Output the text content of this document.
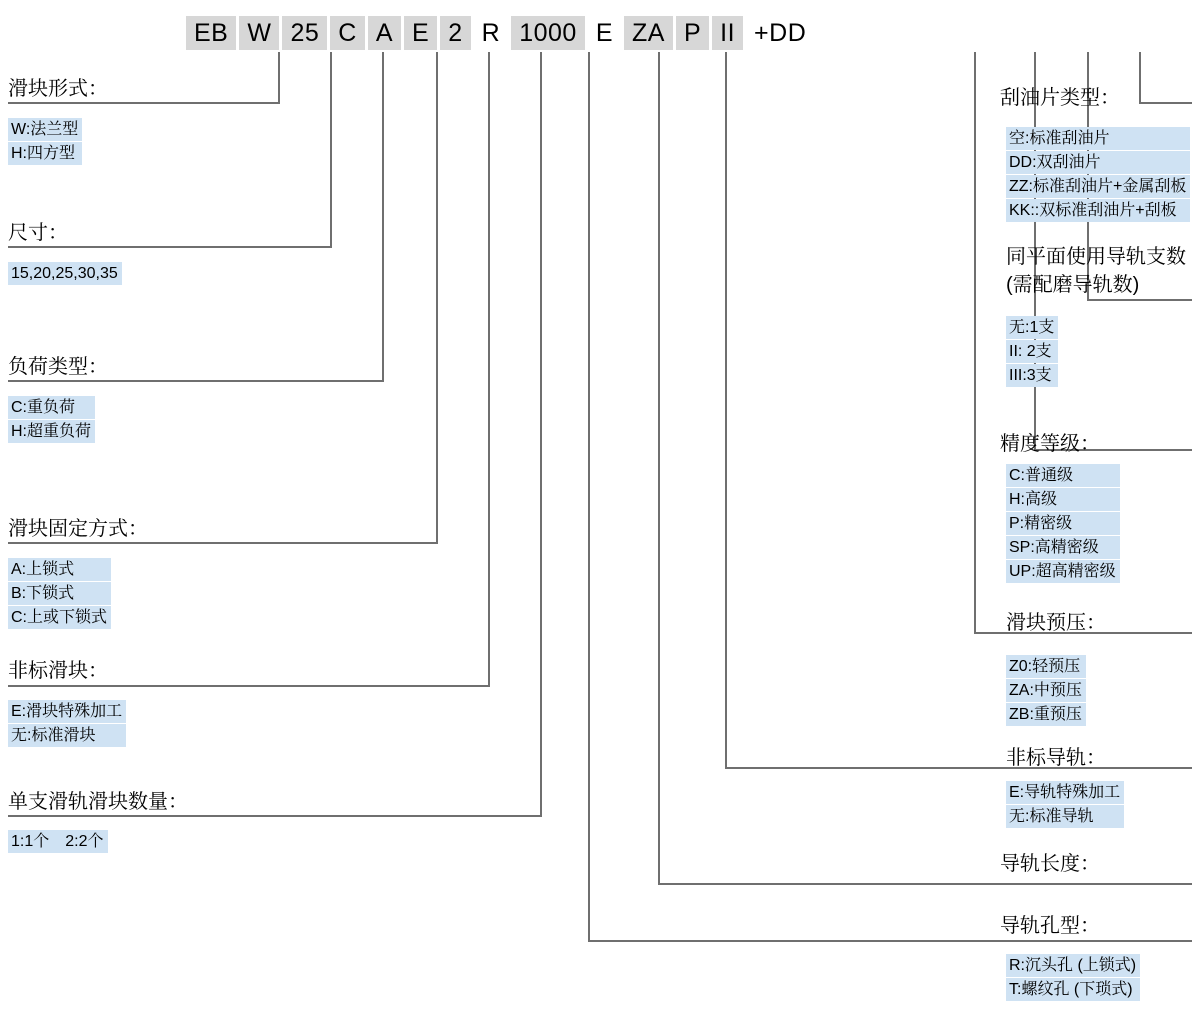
EB W 25 C A E 2 R 1000 E ZA P II +DD
滑块形式：
W:法兰型
H:四方型
尺寸：
15,20,25,30,35
负荷类型：
C:重负荷
H:超重负荷
滑块固定方式：
A:上锁式
B:下锁式
C:上或下锁式
非标滑块：
E:滑块特殊加工
无:标准滑块
单支滑轨滑块数量：
1:1个　2:2个
刮油片类型：
空:标准刮油片
DD:双刮油片
ZZ:标准刮油片+金属刮板
KK::双标准刮油片+刮板
同平面使用导轨支数
(需配磨导轨数)
无:1支
II: 2支
III:3支
精度等级：
C:普通级
H:高级
P:精密级
SP:高精密级
UP:超高精密级
滑块预压：
Z0:轻预压
ZA:中预压
ZB:重预压
非标导轨：
E:导轨特殊加工
无:标准导轨
导轨长度：
导轨孔型：
R:沉头孔 (上锁式)
T:螺纹孔 (下琐式)
